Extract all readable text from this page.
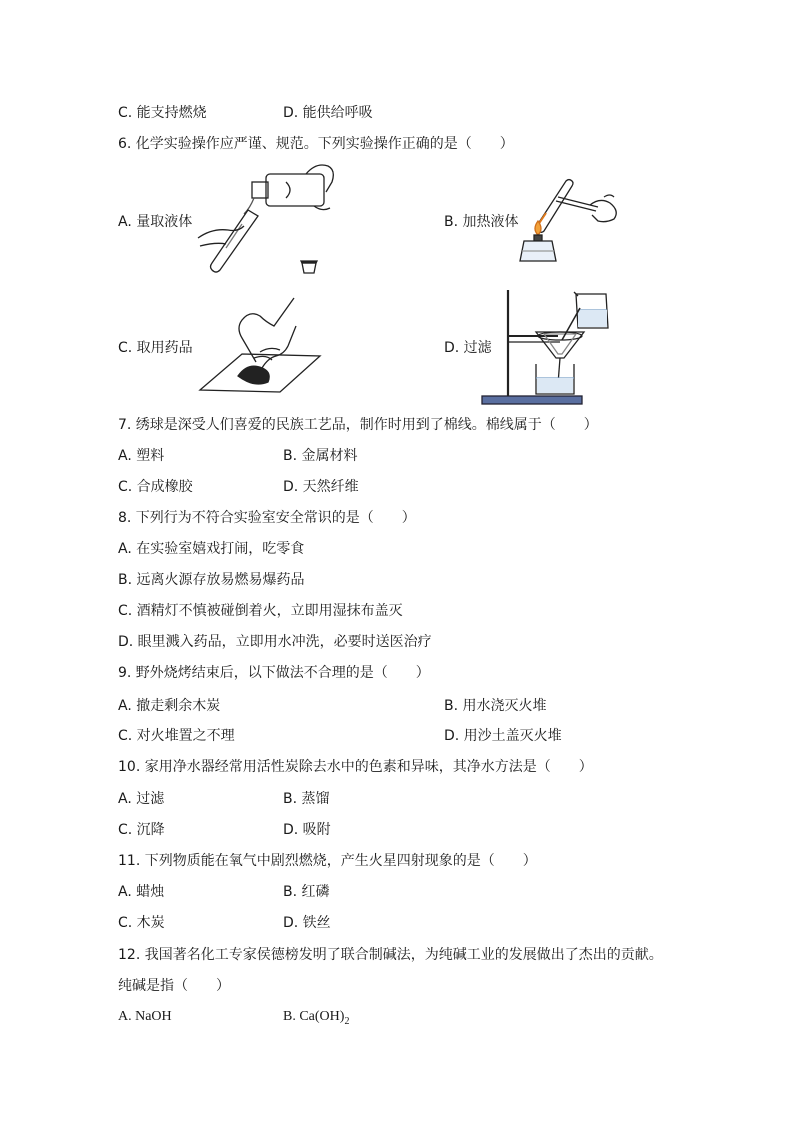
C. 能支持燃烧	D. 能供给呼吸
6. 化学实验操作应严谨、规范。下列实验操作正确的是（　　）
A. 量取液体	B. 加热液体
C. 取用药品	D. 过滤
7. 绣球是深受人们喜爱的民族工艺品，制作时用到了棉线。棉线属于（　　）
A. 塑料	B. 金属材料
C. 合成橡胶	D. 天然纤维
8. 下列行为不符合实验室安全常识的是（　　）
A. 在实验室嬉戏打闹，吃零食
B. 远离火源存放易燃易爆药品
C. 酒精灯不慎被碰倒着火，立即用湿抹布盖灭
D. 眼里溅入药品，立即用水冲洗，必要时送医治疗
9. 野外烧烤结束后，以下做法不合理的是（　　）
A. 撤走剩余木炭	B. 用水浇灭火堆
C. 对火堆置之不理	D. 用沙土盖灭火堆
10. 家用净水器经常用活性炭除去水中的色素和异味，其净水方法是（　　）
A. 过滤	B. 蒸馏
C. 沉降	D. 吸附
11. 下列物质能在氧气中剧烈燃烧，产生火星四射现象的是（　　）
A. 蜡烛	B. 红磷
C. 木炭	D. 铁丝
12. 我国著名化工专家侯德榜发明了联合制碱法，为纯碱工业的发展做出了杰出的贡献。
纯碱是指（　　）
A. NaOH	B. $Ca(OH)_2$
